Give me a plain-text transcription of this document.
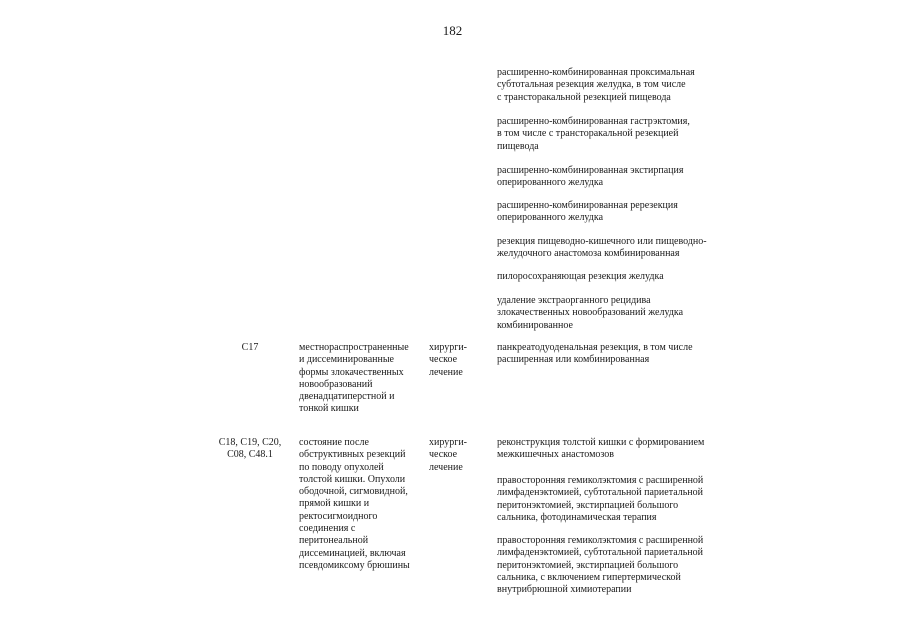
182
расширенно-комбинированная проксимальная
субтотальная резекция желудка, в том числе
с трансторакальной резекцией пищевода
расширенно-комбинированная гастрэктомия,
в том числе с трансторакальной резекцией
пищевода
расширенно-комбинированная экстирпация
оперированного желудка
расширенно-комбинированная ререзекция
оперированного желудка
резекция пищеводно-кишечного или пищеводно-
желудочного анастомоза комбинированная
пилоросохраняющая резекция желудка
удаление экстраорганного рецидива
злокачественных новообразований желудка
комбинированное
C17	местнораспространенные
и диссеминированные
формы злокачественных
новообразований
двенадцатиперстной и
тонкой кишки
хирурги-
ческое
лечение
панкреатодуоденальная резекция, в том числе
расширенная или комбинированная
C18, C19, C20,
C08, C48.1
состояние после
обструктивных резекций
по поводу опухолей
толстой кишки. Опухоли
ободочной, сигмовидной,
прямой кишки и
ректосигмоидного
соединения с
перитонеальной
диссеминацией, включая
псевдомиксому брюшины
хирурги-
ческое
лечение
реконструкция толстой кишки с формированием
межкишечных анастомозов
правосторонняя гемиколэктомия с расширенной
лимфаденэктомией, субтотальной париетальной
перитонэктомией, экстирпацией большого
сальника, фотодинамическая терапия
правосторонняя гемиколэктомия с расширенной
лимфаденэктомией, субтотальной париетальной
перитонэктомией, экстирпацией большого
сальника, с включением гипертермической
внутрибрюшной химиотерапии
